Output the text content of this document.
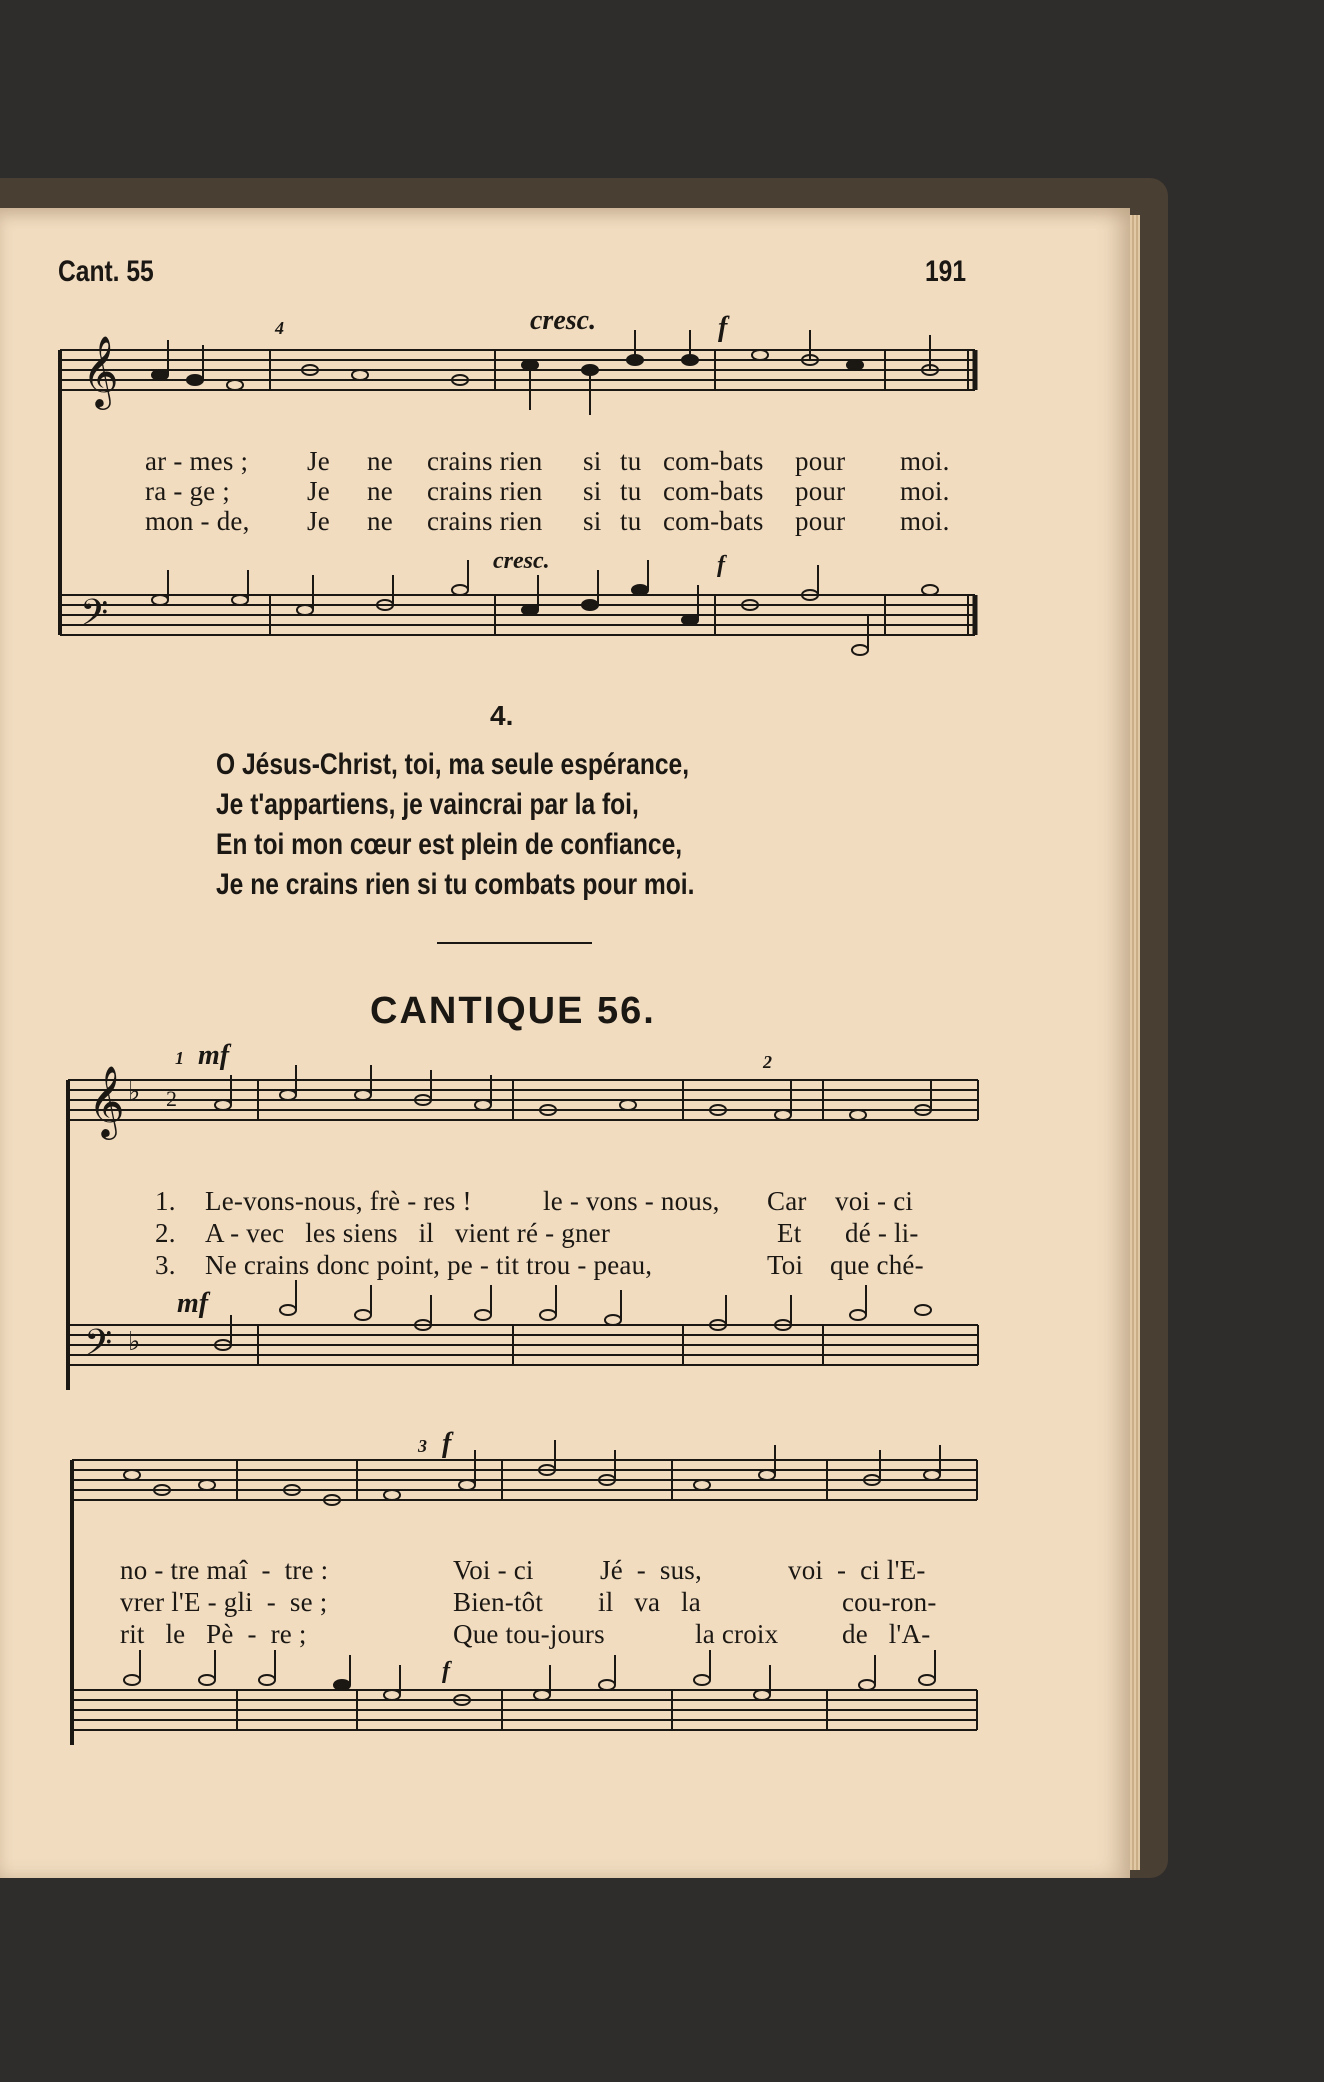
Cant. 55	191
𝄞
𝄢
cresc.	f
4
cresc.	f
ar - mes ; Je ne crains rien si tu com-bats pour moi.
ra - ge ;	Je ne crains rien si tu com-bats pour moi.
mon - de, Je ne crains rien si tu com-bats pour moi.
4.
O Jésus-Christ, toi, ma seule espérance,
Je t'appartiens, je vaincrai par la foi,
En toi mon cœur est plein de confiance,
Je ne crains rien si tu combats pour moi.
CANTIQUE 56.
𝄞
𝄢
♭
♭
1 mf	2
mf
2
1. Le-vons-nous, frè - res !	le - vons - nous, Car voi - ci
2. A - vec   les siens   il   vient ré - gner	Et dé - li-
3. Ne crains donc point, pe - tit trou - peau,	Toi que ché-
3 f
f
no - tre maî  -  tre :	Voi - ci Jé  -  sus,	voi  -  ci l'E-
vrer l'E - gli  -  se ;	Bien-tôt il   va   la	cou-ron-
rit   le   Pè  -  re ;	Que tou-jours	la croix de   l'A-
